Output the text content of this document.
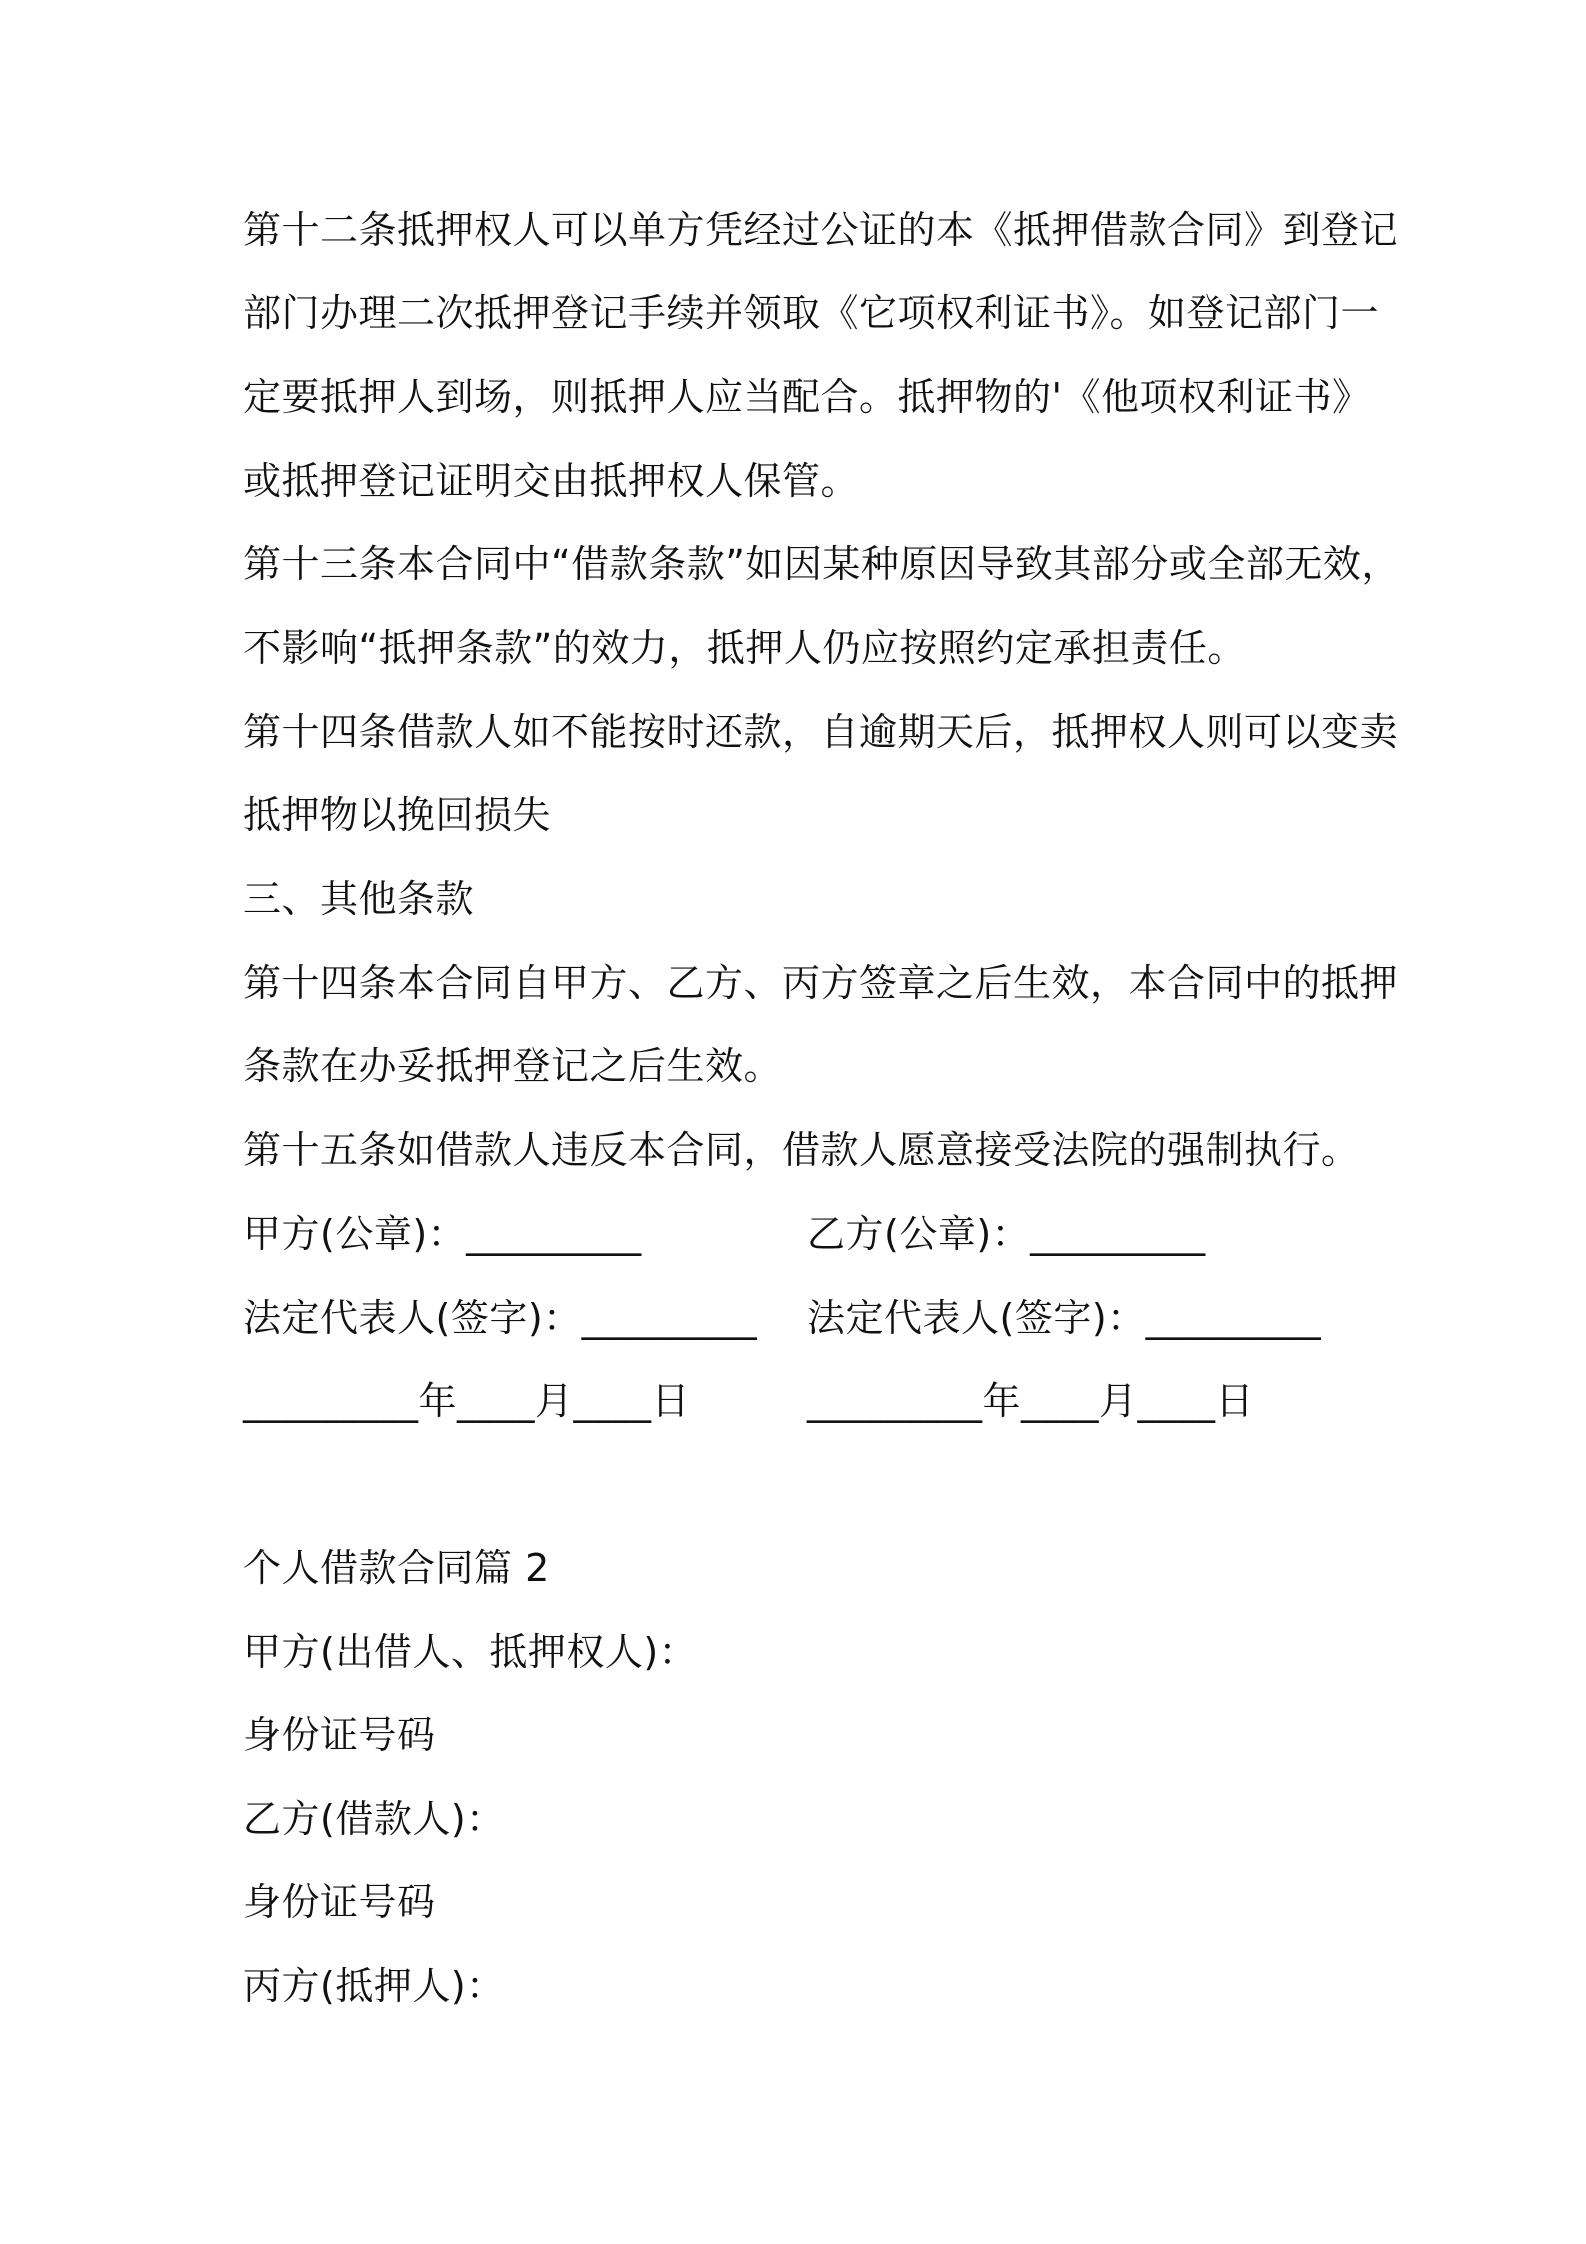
第十二条抵押权人可以单方凭经过公证的本《抵押借款合同》到登记
部门办理二次抵押登记手续并领取《它项权利证书》。如登记部门一
定要抵押人到场，则抵押人应当配合。抵押物的'《他项权利证书》
或抵押登记证明交由抵押权人保管。
第十三条本合同中“借款条款”如因某种原因导致其部分或全部无效，
不影响“抵押条款”的效力，抵押人仍应按照约定承担责任。
第十四条借款人如不能按时还款，自逾期天后，抵押权人则可以变卖
抵押物以挽回损失
三、其他条款
第十四条本合同自甲方、乙方、丙方签章之后生效，本合同中的抵押
条款在办妥抵押登记之后生效。
第十五条如借款人违反本合同，借款人愿意接受法院的强制执行。
甲方(公章)：_________	乙方(公章)：_________
法定代表人(签字)：_________ 法定代表人(签字)：_________
_________年____月____日	_________年____月____日
个人借款合同篇 2
甲方(出借人、抵押权人)：
身份证号码
乙方(借款人)：
身份证号码
丙方(抵押人)：
